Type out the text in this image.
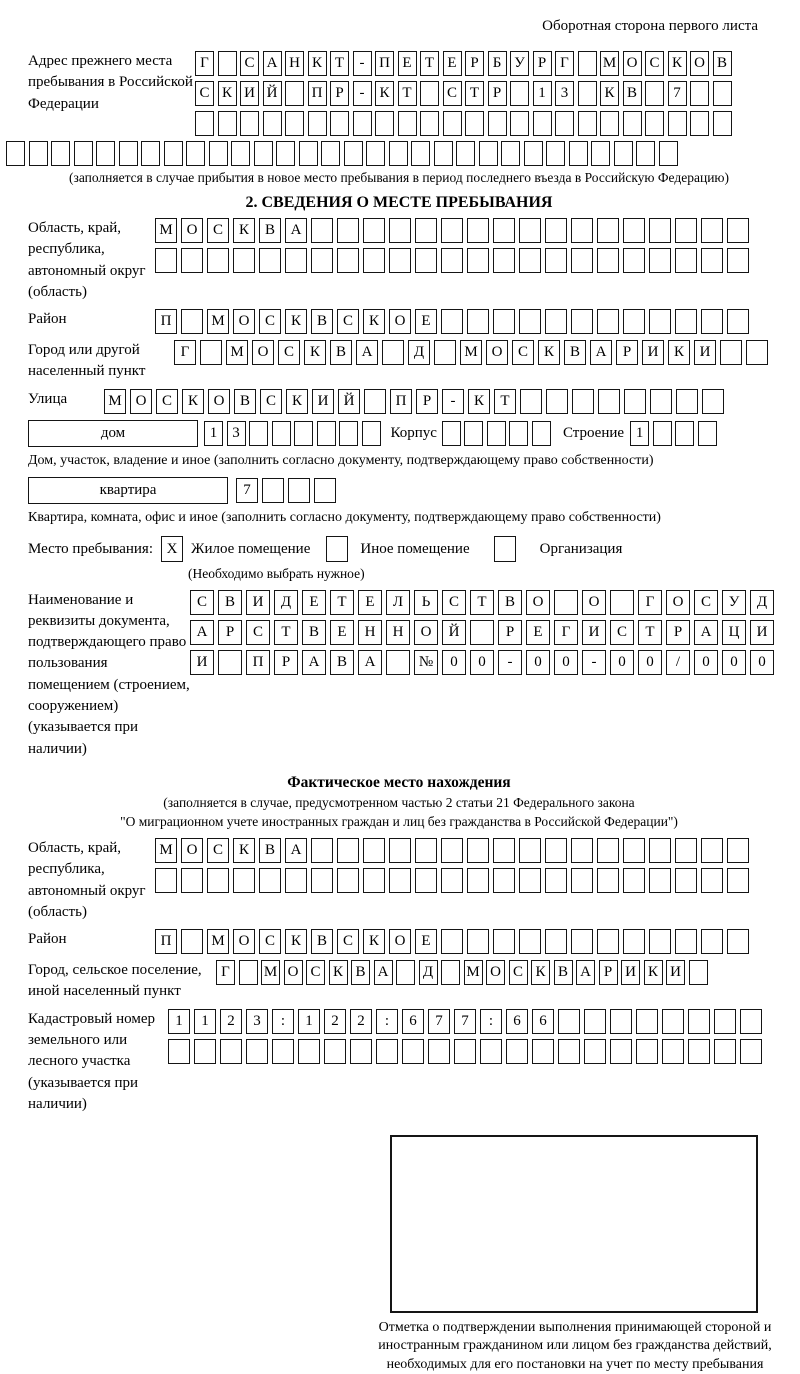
Оборотная сторона первого листа
Адрес прежнего места пребывания в Российской Федерации
Г	С А Н К Т	- П Е Т Е Р Б У Р Г	М О С К О В
С К И Й П Р	- К Т	С Т Р	1	3	К В	7
(заполняется в случае прибытия в новое место пребывания в период последнего въезда в Российскую Федерацию)
2. СВЕДЕНИЯ О МЕСТЕ ПРЕБЫВАНИЯ
Область, край, республика, автономный округ (область)
М О	С	К	В	А
Район	П	М О	С	К	В	С	К	О	Е
Город или другой населенный пункт
Г	М О	С	К	В	А	Д	М О	С	К	В	А	Р	И	К	И
Улица	М О	С	К	О	В	С	К	И	Й	П	Р	-	К	Т
дом	1	3	Корпус	Строение 1
Дом, участок, владение и иное (заполнить согласно документу, подтверждающему право собственности)
квартира	7
Квартира, комната, офис и иное (заполнить согласно документу, подтверждающему право собственности)
Место пребывания: X Жилое помещение	Иное помещение	Организация
(Необходимо выбрать нужное)
Наименование и реквизиты документа, подтверждающего право пользования помещением (строением, сооружением) (указывается при наличии)
С	В	И	Д	Е	Т	Е	Л	Ь	С	Т	В	О	О	Г	О	С	У	Д
А	Р	С	Т	В	Е	Н	Н	О	Й	Р	Е	Г	И	С	Т	Р	А	Ц	И
И	П	Р	А	В	А	№	0	0	-	0	0	-	0	0	/	0	0	0
Фактическое место нахождения
(заполняется в случае, предусмотренном частью 2 статьи 21 Федерального закона
"О миграционном учете иностранных граждан и лиц без гражданства в Российской Федерации")
Область, край, республика, автономный округ (область)
М О	С	К	В	А
Район	П	М О	С	К	В	С	К	О	Е
Город, сельское поселение, иной населенный пункт
Г	М О С К В А Д М О С К В А Р И К И
Кадастровый номер земельного или лесного участка (указывается при наличии)
1	1	2	3	:	1	2	2	:	6	7	7	:	6	6
Отметка о подтверждении выполнения принимающей стороной и иностранным гражданином или лицом без гражданства действий, необходимых для его постановки на учет по месту пребывания
